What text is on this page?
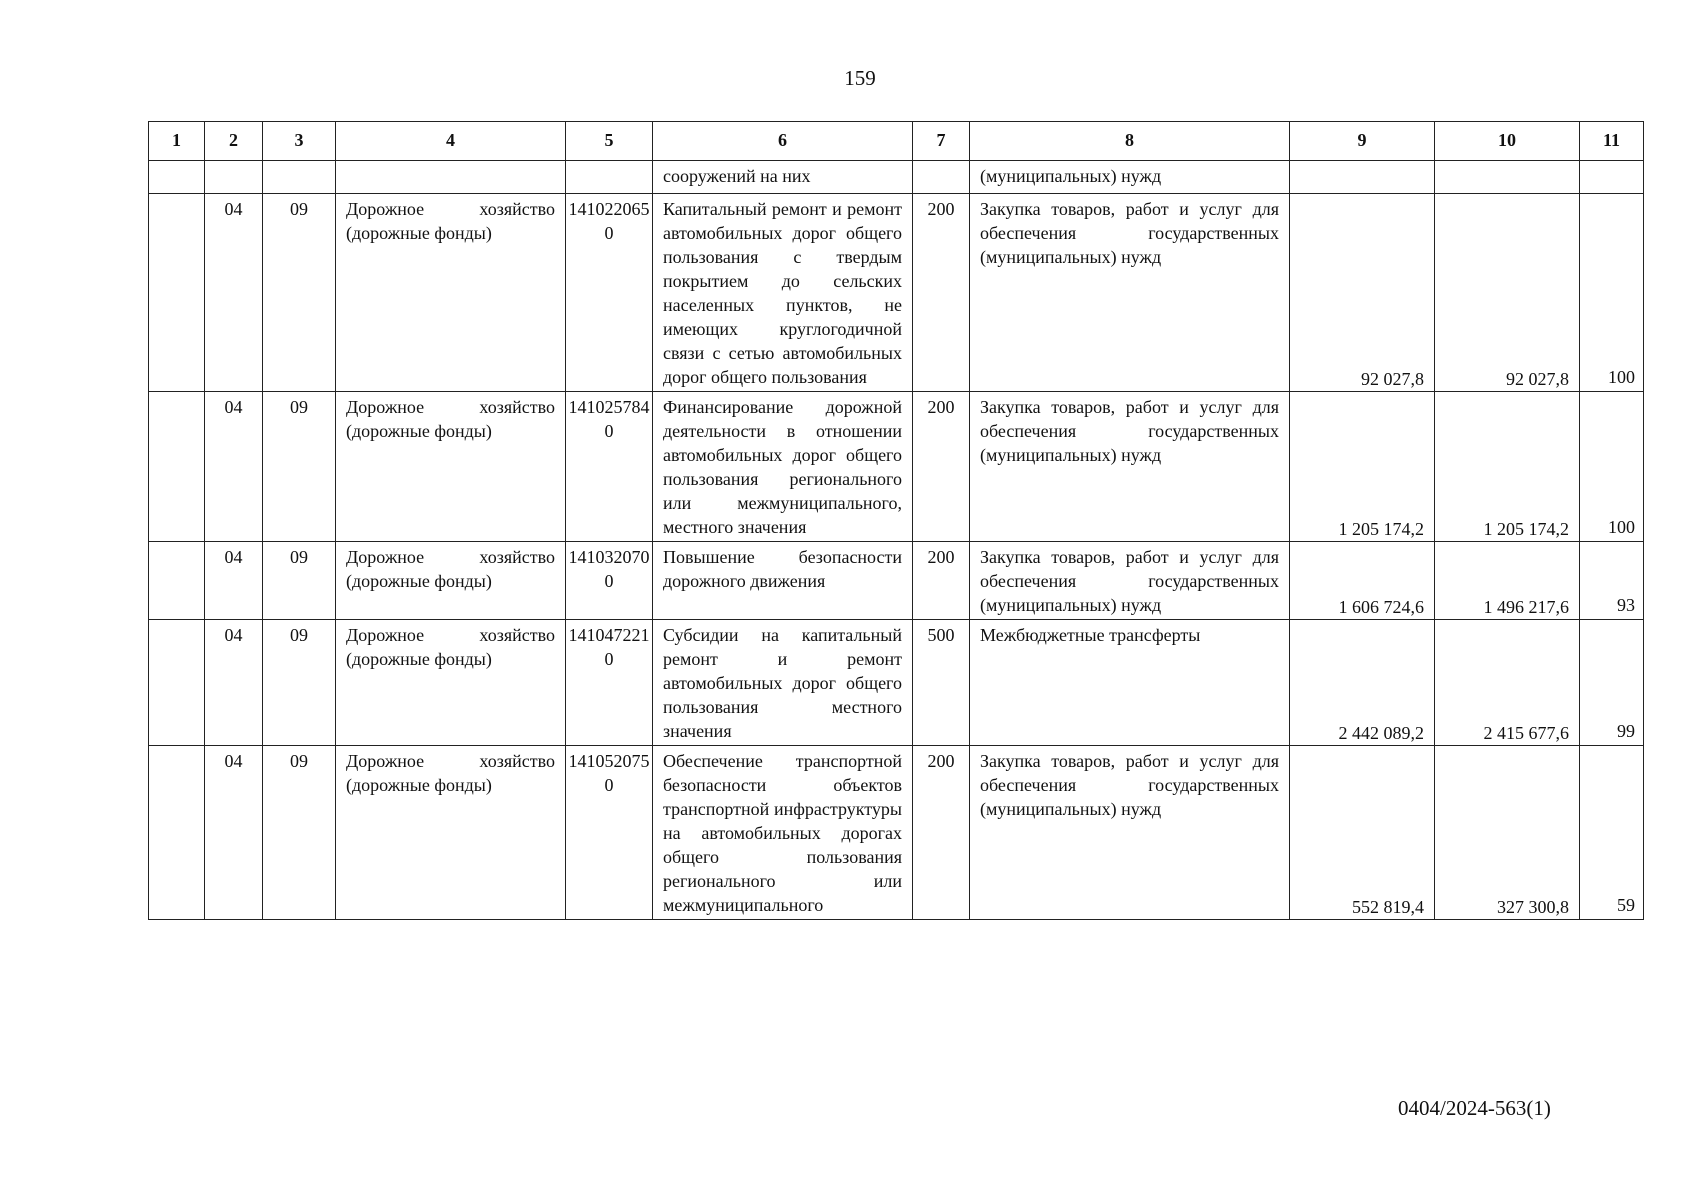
159
1	2	3	4	5	6	7	8	9	10	11
					сооружений на них		(муниципальных) нужд			
	04	09	Дорожное хозяйство (дорожные фонды)	1410220650	Капитальный ремонт и ремонт автомобильных дорог общего пользования с твердым покрытием до сельских населенных пунктов, не имеющих круглогодичной связи с сетью автомобильных дорог общего пользования	200	Закупка товаров, работ и услуг для обеспечения государственных (муниципальных) нужд	92 027,8	92 027,8	100
	04	09	Дорожное хозяйство (дорожные фонды)	1410257840	Финансирование дорожной деятельности в отношении автомобильных дорог общего пользования регионального или межмуниципального, местного значения	200	Закупка товаров, работ и услуг для обеспечения государственных (муниципальных) нужд	1 205 174,2	1 205 174,2	100
	04	09	Дорожное хозяйство (дорожные фонды)	1410320700	Повышение безопасности дорожного движения	200	Закупка товаров, работ и услуг для обеспечения государственных (муниципальных) нужд	1 606 724,6	1 496 217,6	93
	04	09	Дорожное хозяйство (дорожные фонды)	1410472210	Субсидии на капитальный ремонт и ремонт автомобильных дорог общего пользования местного значения	500	Межбюджетные трансферты	2 442 089,2	2 415 677,6	99
	04	09	Дорожное хозяйство (дорожные фонды)	1410520750	Обеспечение транспортной безопасности объектов транспортной инфраструктуры на автомобильных дорогах общего пользования регионального или межмуниципального	200	Закупка товаров, работ и услуг для обеспечения государственных (муниципальных) нужд	552 819,4	327 300,8	59
0404/2024-563(1)
